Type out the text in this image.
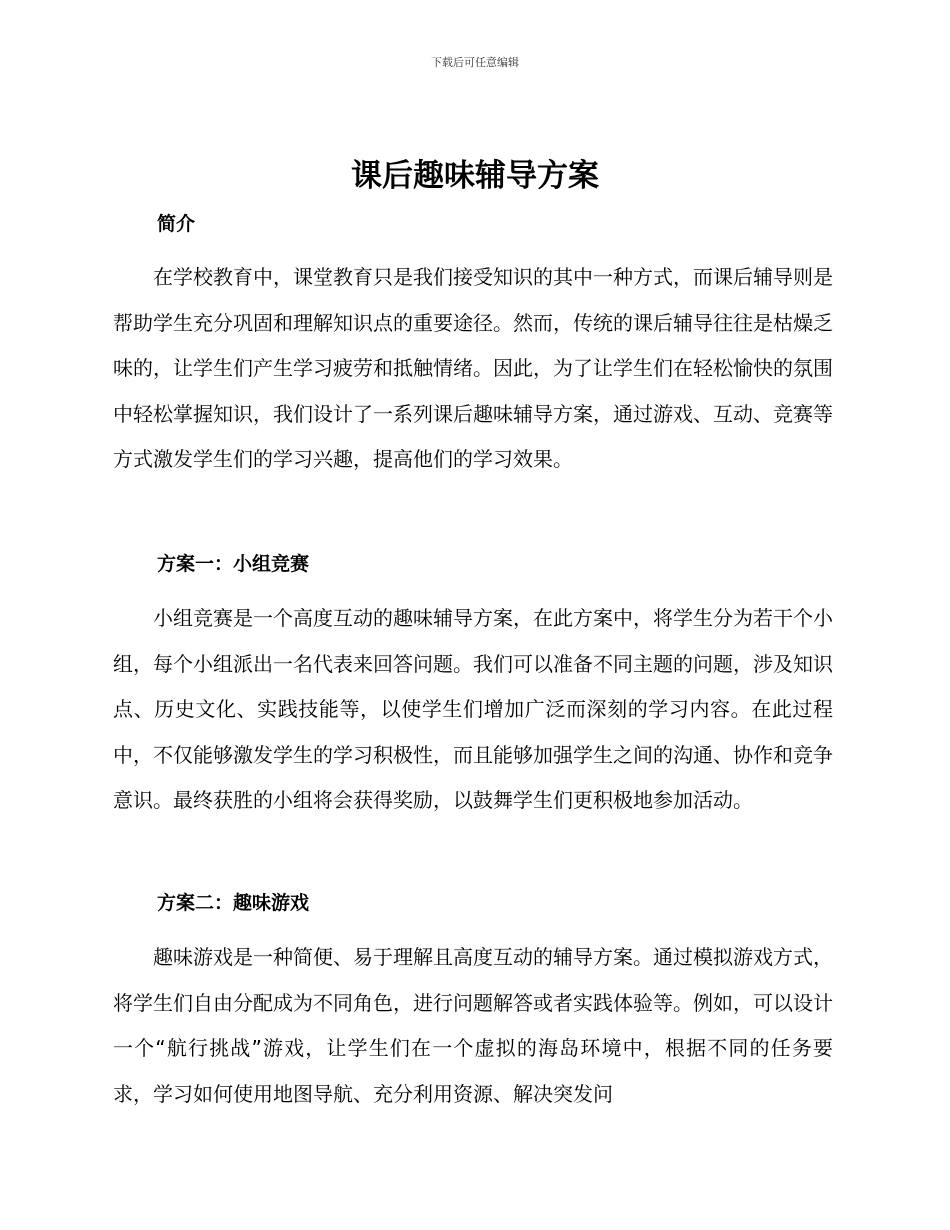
下载后可任意编辑
课后趣味辅导方案
简介

在学校教育中，课堂教育只是我们接受知识的其中一种方式，而课后辅导则是帮助学生充分巩固和理解知识点的重要途径。然而，传统的课后辅导往往是枯燥乏味的，让学生们产生学习疲劳和抵触情绪。因此，为了让学生们在轻松愉快的氛围中轻松掌握知识，我们设计了一系列课后趣味辅导方案，通过游戏、互动、竞赛等方式激发学生们的学习兴趣，提高他们的学习效果。

方案一：小组竞赛

小组竞赛是一个高度互动的趣味辅导方案，在此方案中，将学生分为若干个小组，每个小组派出一名代表来回答问题。我们可以准备不同主题的问题，涉及知识点、历史文化、实践技能等，以使学生们增加广泛而深刻的学习内容。在此过程中，不仅能够激发学生的学习积极性，而且能够加强学生之间的沟通、协作和竞争意识。最终获胜的小组将会获得奖励，以鼓舞学生们更积极地参加活动。

方案二：趣味游戏

趣味游戏是一种简便、易于理解且高度互动的辅导方案。通过模拟游戏方式，将学生们自由分配成为不同角色，进行问题解答或者实践体验等。例如，可以设计一个“航行挑战”游戏，让学生们在一个虚拟的海岛环境中，根据不同的任务要求，学习如何使用地图导航、充分利用资源、解决突发问
